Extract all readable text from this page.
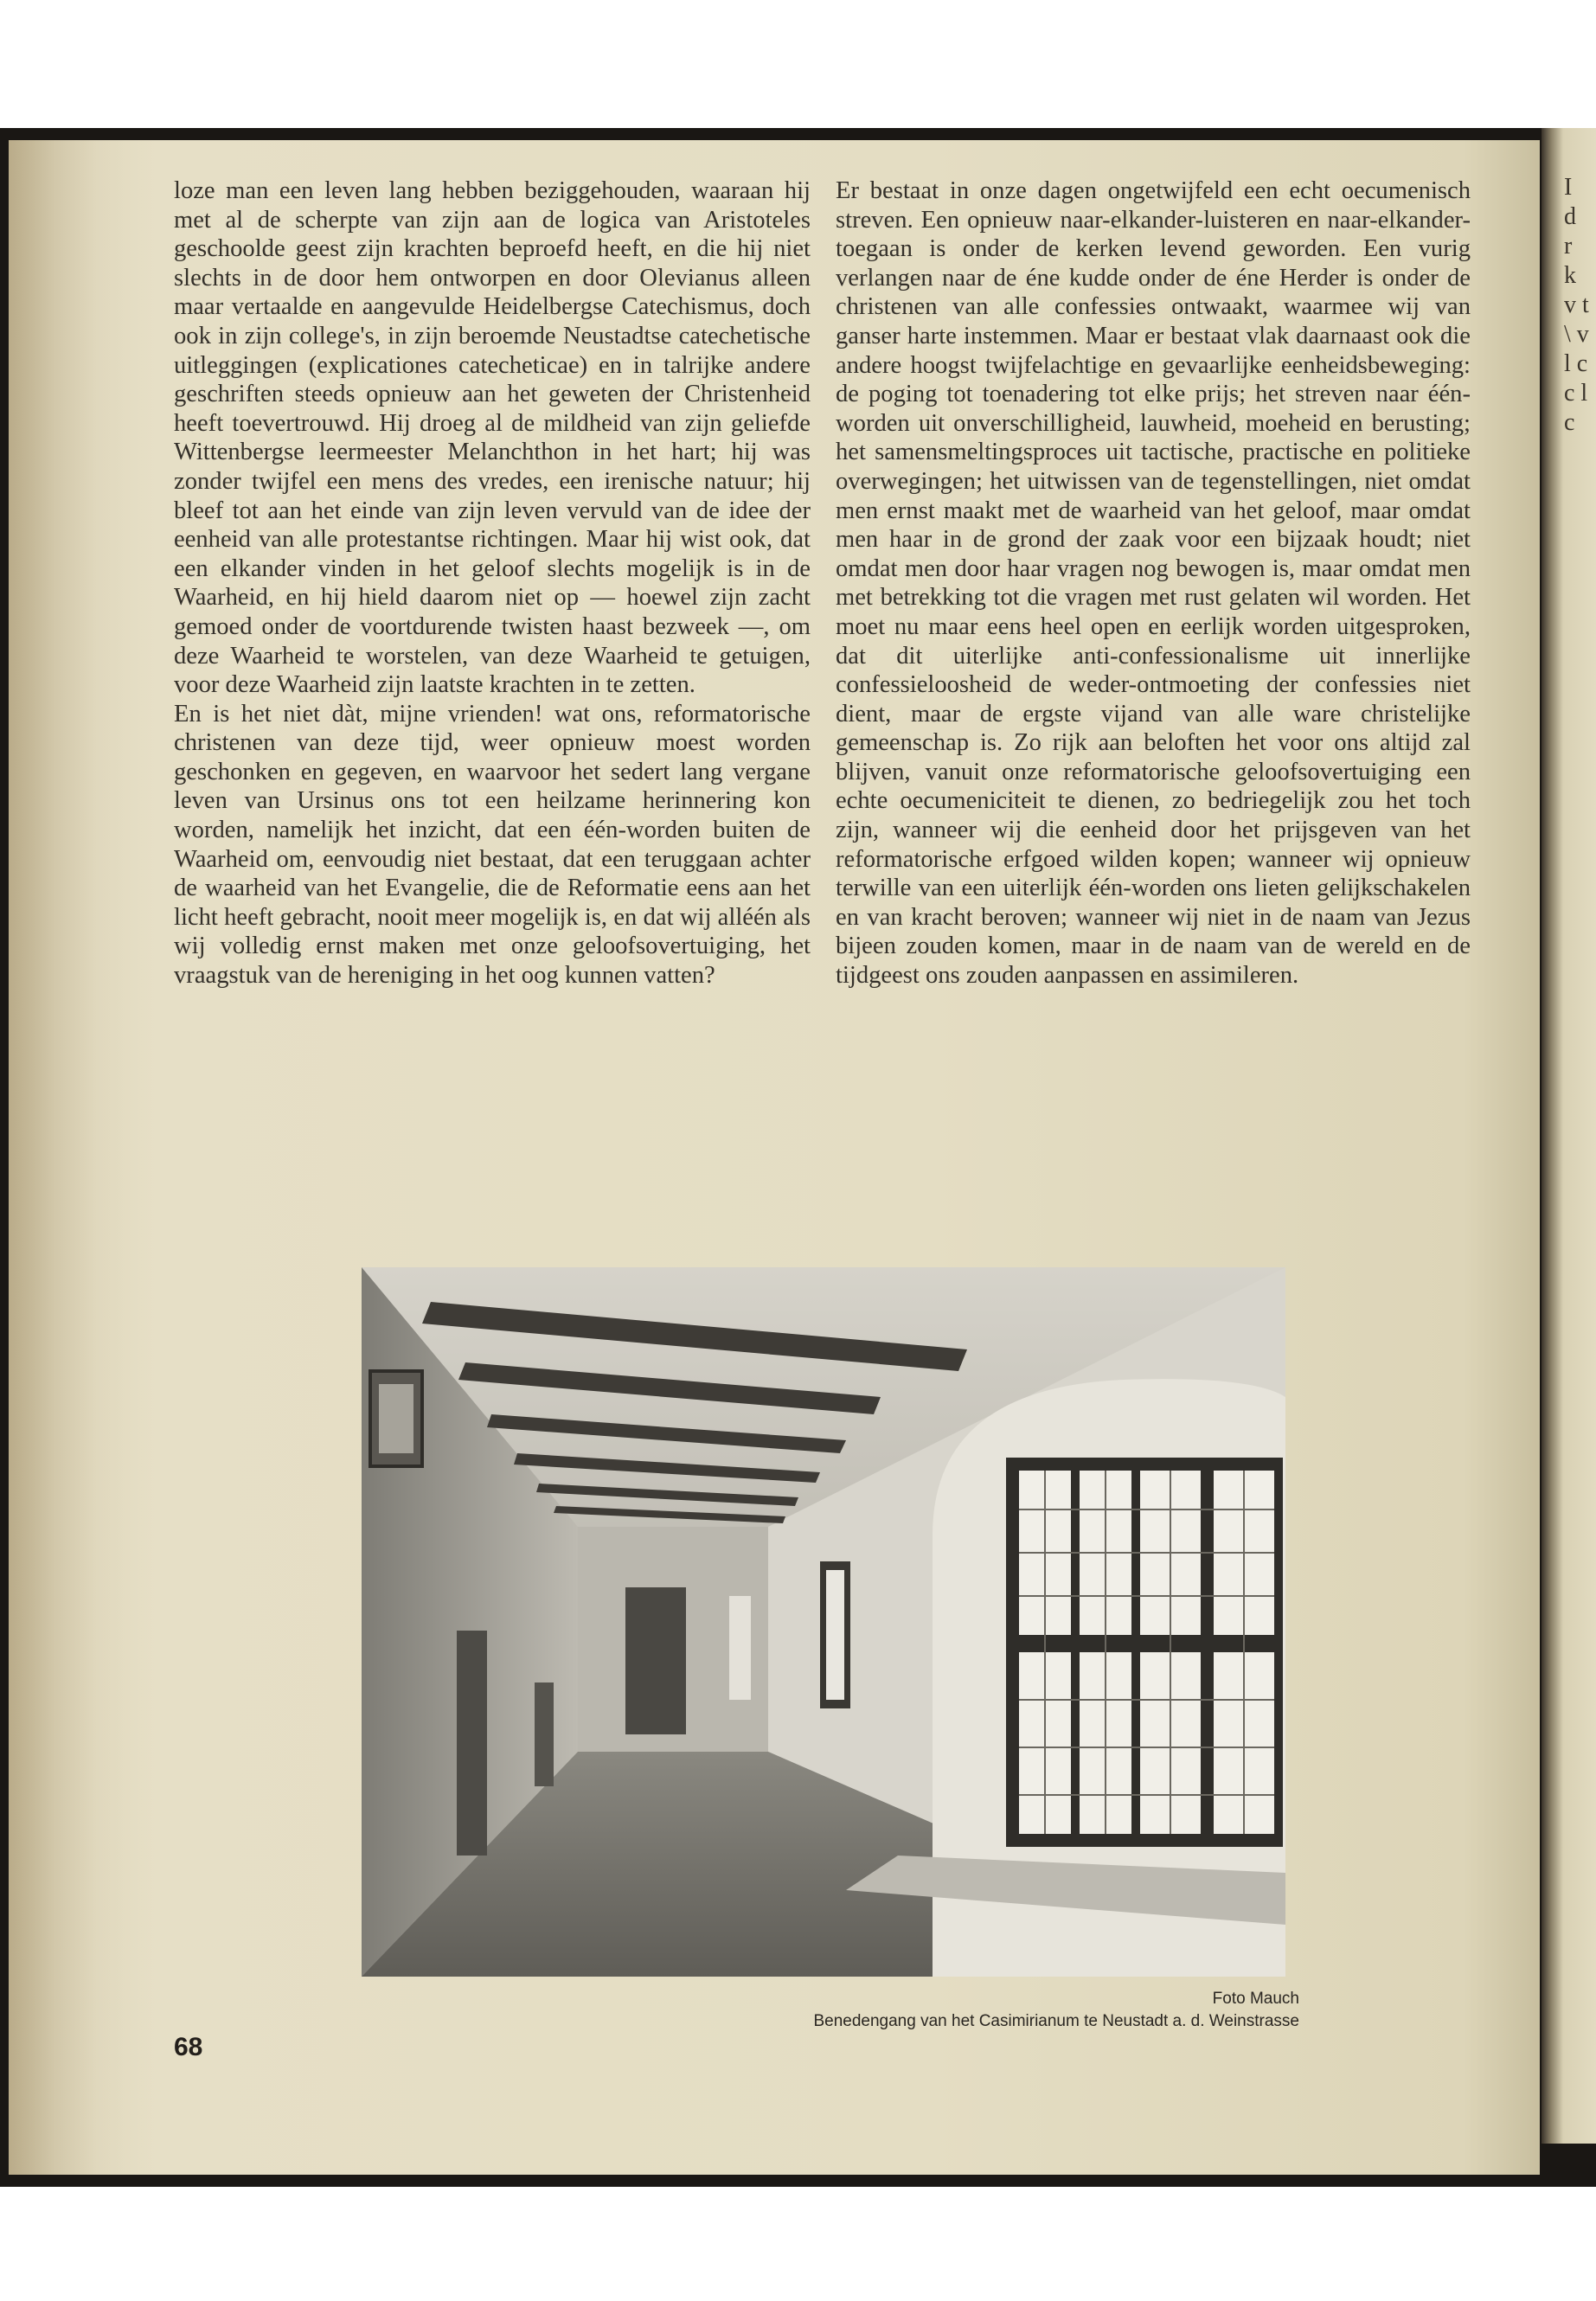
I d r k v t \ v l c c l c

loze man een leven lang hebben beziggehouden, waaraan hij met al de scherpte van zijn aan de logica van Aristoteles geschoolde geest zijn krachten beproefd heeft, en die hij niet slechts in de door hem ontworpen en door Olevianus alleen maar vertaalde en aangevulde Heidelbergse Catechismus, doch ook in zijn college's, in zijn beroemde Neustadtse catechetische uitleggingen (explicationes catecheticae) en in talrijke andere geschriften steeds opnieuw aan het geweten der Christenheid heeft toevertrouwd. Hij droeg al de mildheid van zijn geliefde Wittenbergse leermeester Melanchthon in het hart; hij was zonder twijfel een mens des vredes, een irenische natuur; hij bleef tot aan het einde van zijn leven vervuld van de idee der eenheid van alle protestantse richtingen. Maar hij wist ook, dat een elkander vinden in het geloof slechts mogelijk is in de Waarheid, en hij hield daarom niet op — hoewel zijn zacht gemoed onder de voortdurende twisten haast bezweek —, om deze Waarheid te worstelen, van deze Waarheid te getuigen, voor deze Waarheid zijn laatste krachten in te zetten.

En is het niet dàt, mijne vrienden! wat ons, reformatorische christenen van deze tijd, weer opnieuw moest worden geschonken en gegeven, en waarvoor het sedert lang vergane leven van Ursinus ons tot een heilzame herinnering kon worden, namelijk het inzicht, dat een één-worden buiten de Waarheid om, eenvoudig niet bestaat, dat een teruggaan achter de waarheid van het Evangelie, die de Reformatie eens aan het licht heeft gebracht, nooit meer mogelijk is, en dat wij alléén als wij volledig ernst maken met onze geloofsovertuiging, het vraagstuk van de hereniging in het oog kunnen vatten?

Er bestaat in onze dagen ongetwijfeld een echt oecumenisch streven. Een opnieuw naar-elkander-luisteren en naar-elkander-toegaan is onder de kerken levend geworden. Een vurig verlangen naar de éne kudde onder de éne Herder is onder de christenen van alle confessies ontwaakt, waarmee wij van ganser harte instemmen. Maar er bestaat vlak daarnaast ook die andere hoogst twijfelachtige en gevaarlijke eenheidsbeweging: de poging tot toenadering tot elke prijs; het streven naar één-worden uit onverschilligheid, lauwheid, moeheid en berusting; het samensmeltingsproces uit tactische, practische en politieke overwegingen; het uitwissen van de tegenstellingen, niet omdat men ernst maakt met de waarheid van het geloof, maar omdat men haar in de grond der zaak voor een bijzaak houdt; niet omdat men door haar vragen nog bewogen is, maar omdat men met betrekking tot die vragen met rust gelaten wil worden. Het moet nu maar eens heel open en eerlijk worden uitgesproken, dat dit uiterlijke anti-confessionalisme uit innerlijke confessieloosheid de weder-ontmoeting der confessies niet dient, maar de ergste vijand van alle ware christelijke gemeenschap is. Zo rijk aan beloften het voor ons altijd zal blijven, vanuit onze reformatorische geloofsovertuiging een echte oecumeniciteit te dienen, zo bedriegelijk zou het toch zijn, wanneer wij die eenheid door het prijsgeven van het reformatorische erfgoed wilden kopen; wanneer wij opnieuw terwille van een uiterlijk één-worden ons lieten gelijkschakelen en van kracht beroven; wanneer wij niet in de naam van Jezus bijeen zouden komen, maar in de naam van de wereld en de tijdgeest ons zouden aanpassen en assimileren.

Foto Mauch
Benedengang van het Casimirianum te Neustadt a. d. Weinstrasse
68
